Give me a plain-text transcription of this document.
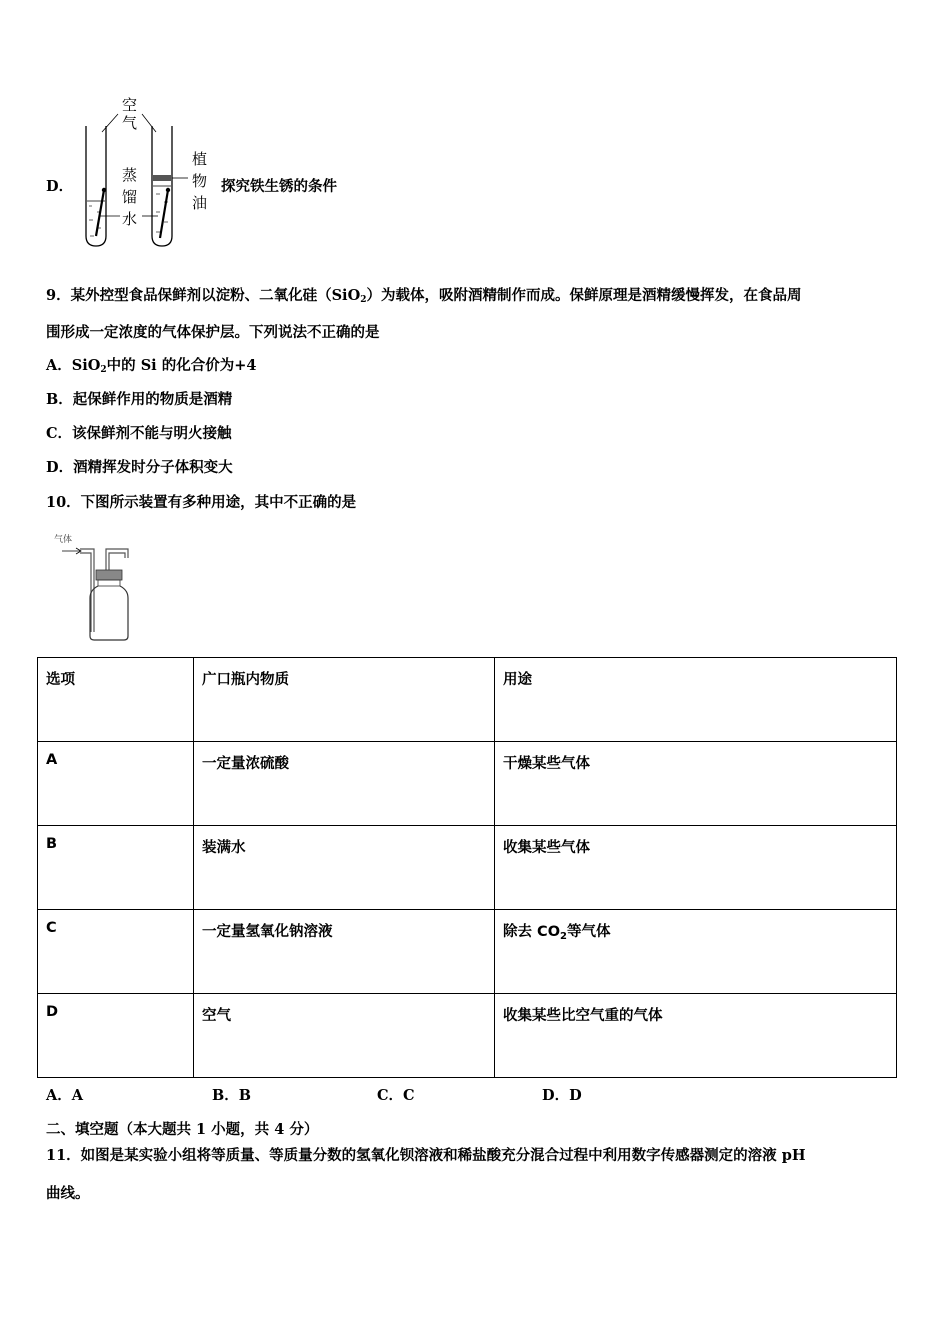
D．
空
气
蒸
馏
水
植
物
油
探究铁生锈的条件
9．某外控型食品保鲜剂以淀粉、二氧化硅（SiO$_2$）为载体，吸附酒精制作而成。保鲜原理是酒精缓慢挥发，在食品周
围形成一定浓度的气体保护层。下列说法不正确的是
A．SiO$_2$中的 Si 的化合价为+4
B．起保鲜作用的物质是酒精
C．该保鲜剂不能与明火接触
D．酒精挥发时分子体积变大
10．下图所示装置有多种用途，其中不正确的是
气体
选项	广口瓶内物质	用途
A	一定量浓硫酸	干燥某些气体
B	装满水	收集某些气体
C	一定量氢氧化钠溶液	除去 $CO_2$等气体
D	空气	收集某些比空气重的气体
A．A	B．B	C．C	D．D
二、填空题（本大题共 1 小题，共 4 分）
11．如图是某实验小组将等质量、等质量分数的氢氧化钡溶液和稀盐酸充分混合过程中利用数字传感器测定的溶液 pH
曲线。
